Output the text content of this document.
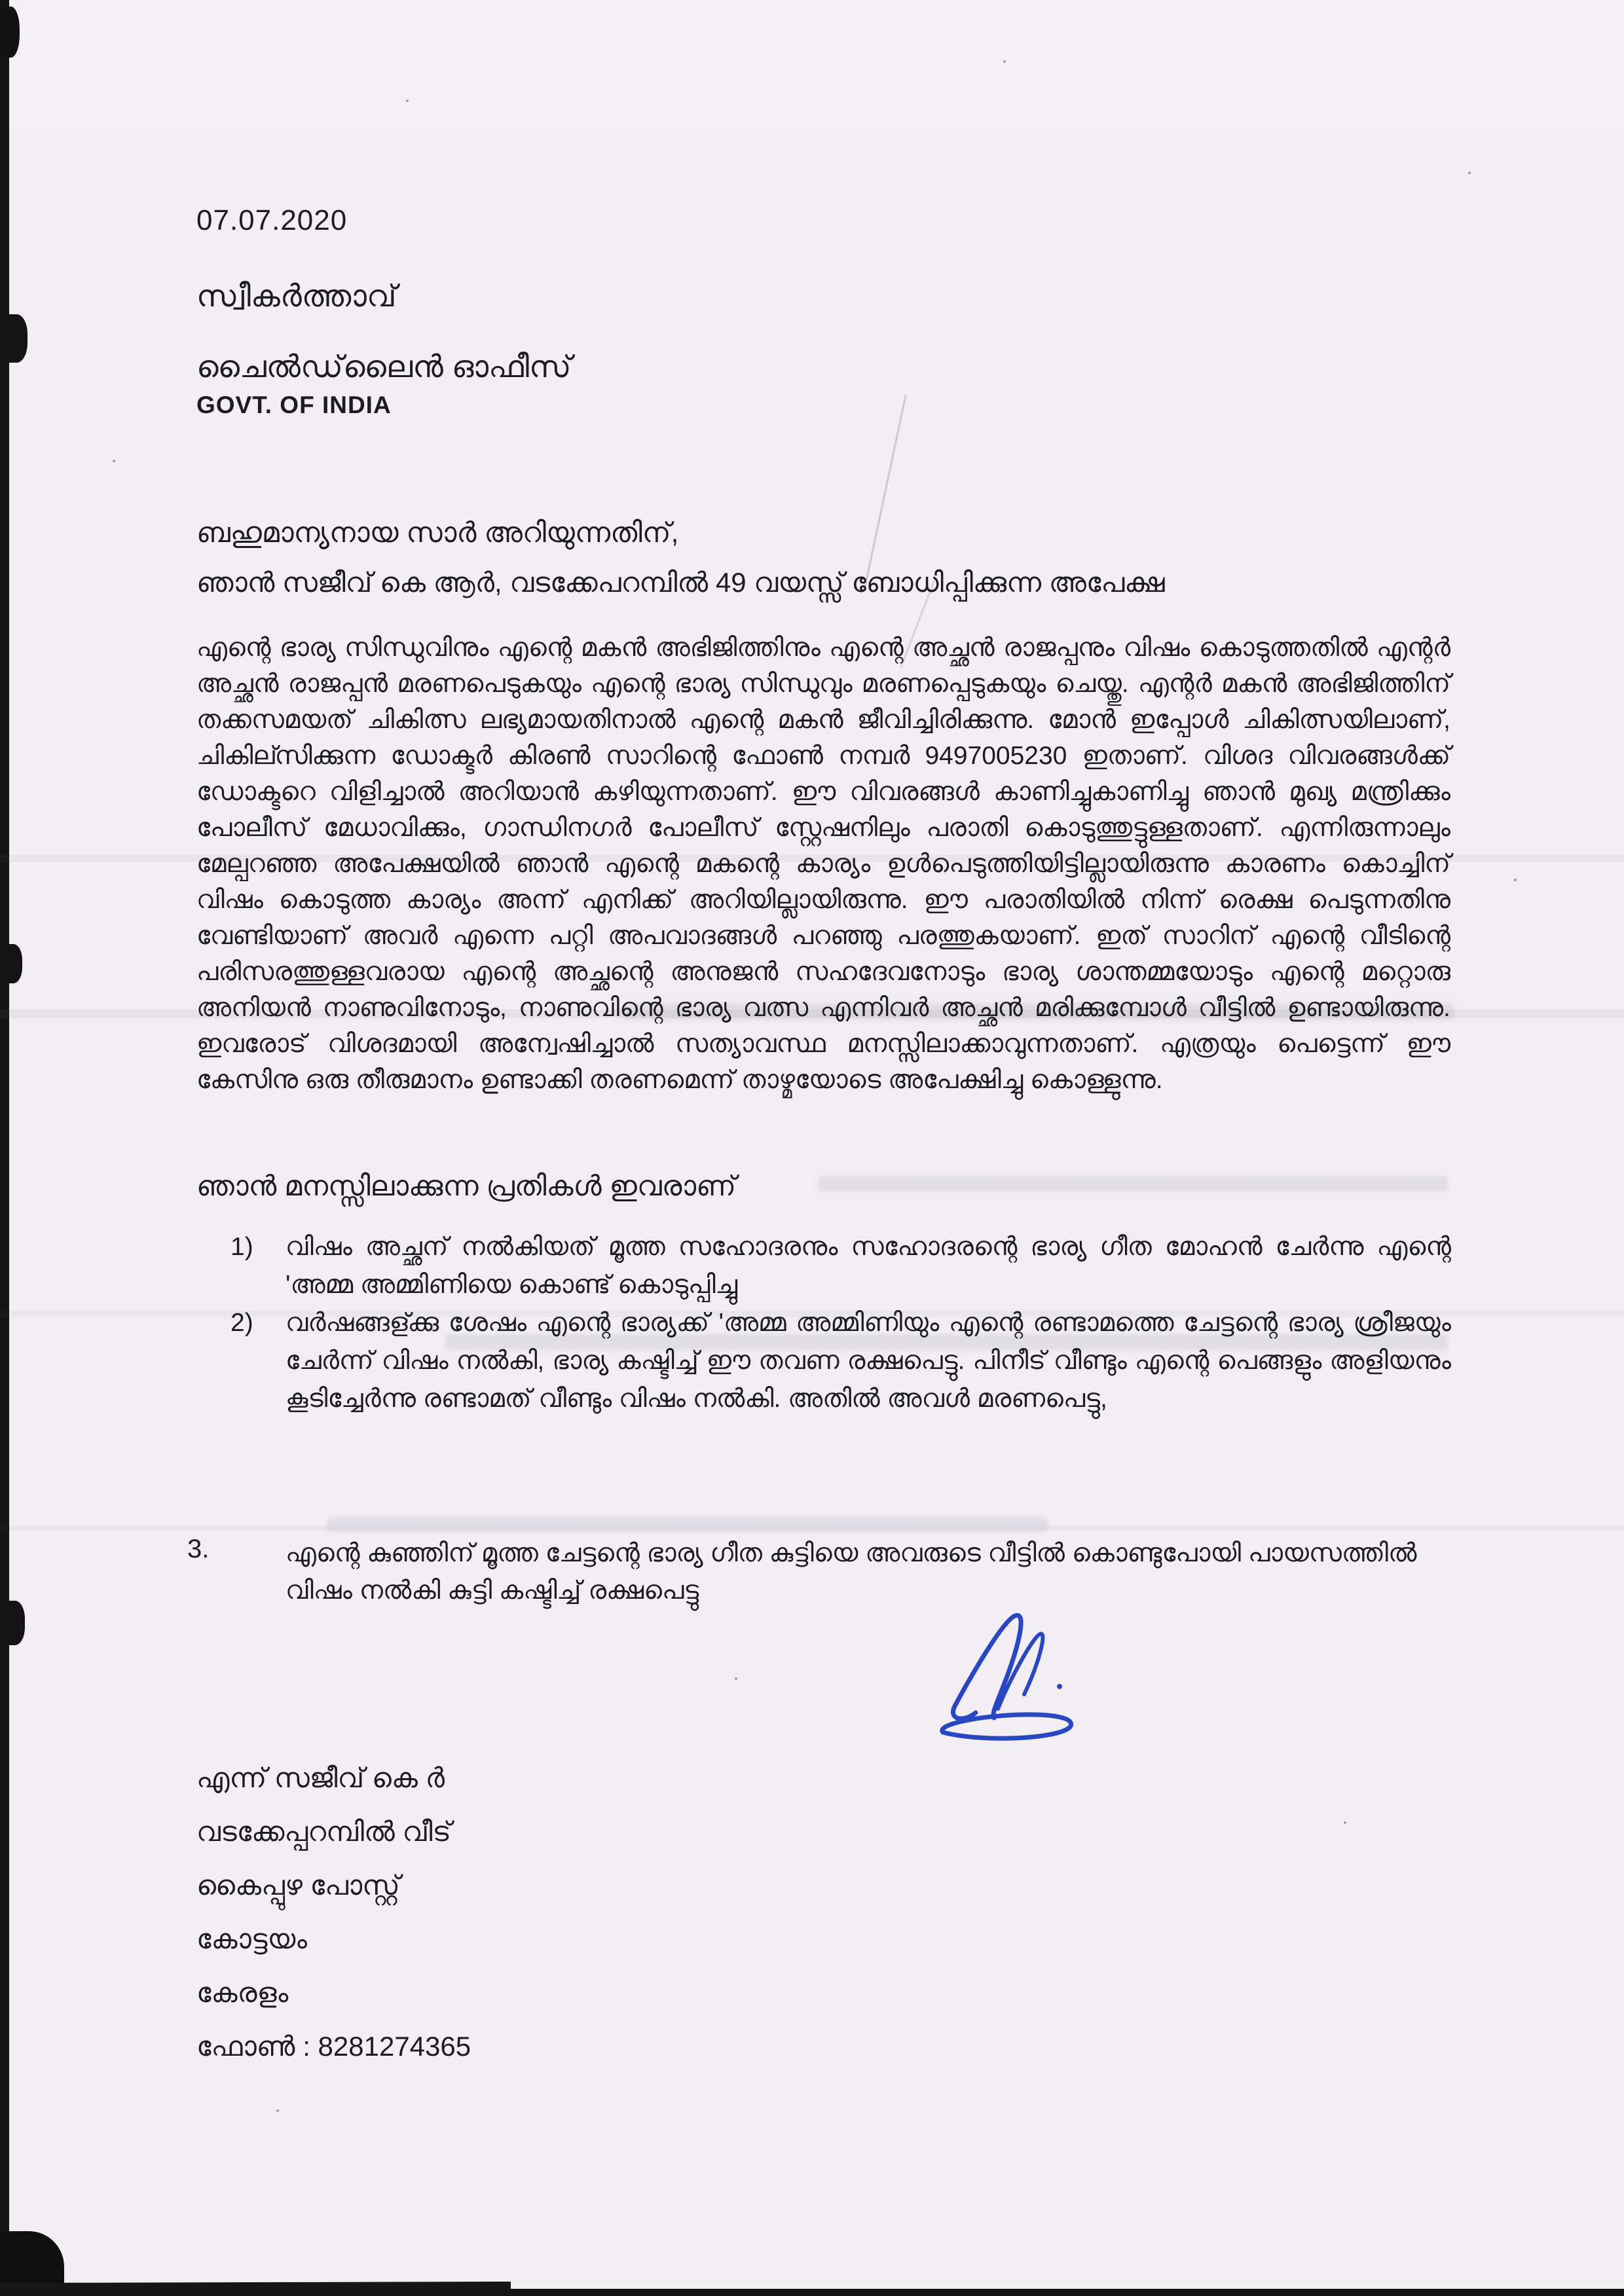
07.07.2020
സ്വീകർത്താവ്
ചൈൽഡ്‌ലൈൻ ഓഫീസ്
GOVT. OF INDIA
ബഹുമാന്യനായ സാർ അറിയുന്നതിന്,
ഞാൻ സജീവ് കെ ആർ, വടക്കേപറമ്പിൽ 49 വയസ്സ് ബോധിപ്പിക്കുന്ന അപേക്ഷ
എന്റെ ഭാര്യ സിന്ധുവിനും എന്റെ മകൻ അഭിജിത്തിനും എന്റെ അച്ഛൻ രാജപ്പനും വിഷം കൊടുത്തതിൽ എന്റർ അച്ഛൻ രാജപ്പൻ മരണപെടുകയും എന്റെ ഭാര്യ സിന്ധുവും മരണപ്പെടുകയും ചെയ്തു. എന്റർ മകൻ അഭിജിത്തിന് തക്കസമയത് ചികിത്സ ലഭ്യമായതിനാൽ എന്റെ മകൻ ജീവിച്ചിരിക്കുന്നു. മോൻ ഇപ്പോൾ ചികിത്സയിലാണ്, ചികില്സിക്കുന്ന ഡോക്ടർ കിരൺ സാറിന്റെ ഫോൺ നമ്പർ 9497005230 ഇതാണ്. വിശദ വിവരങ്ങൾക്ക് ഡോക്ടറെ വിളിച്ചാൽ അറിയാൻ കഴിയുന്നതാണ്. ഈ വിവരങ്ങൾ കാണിച്ചുകാണിച്ചു ഞാൻ മുഖ്യ മന്ത്രിക്കും പോലീസ് മേധാവിക്കും, ഗാന്ധിനഗർ പോലീസ് സ്റ്റേഷനിലും പരാതി കൊടുത്തുട്ടുള്ളതാണ്. എന്നിരുന്നാലും മേല്പറഞ്ഞ അപേക്ഷയിൽ ഞാൻ എന്റെ മകന്റെ കാര്യം ഉൾപെടുത്തിയിട്ടില്ലായിരുന്നു കാരണം കൊച്ചിന് വിഷം കൊടുത്ത കാര്യം അന്ന് എനിക്ക് അറിയില്ലായിരുന്നു. ഈ പരാതിയിൽ നിന്ന് രെക്ഷ പെടുന്നതിനു വേണ്ടിയാണ് അവർ എന്നെ പറ്റി അപവാദങ്ങൾ പറഞ്ഞു പരത്തുകയാണ്. ഇത് സാറിന് എന്റെ വീടിന്റെ പരിസരത്തുള്ളവരായ എന്റെ അച്ഛന്റെ അനുജൻ സഹദേവനോടും ഭാര്യ ശാന്തമ്മയോടും എന്റെ മറ്റൊരു അനിയൻ നാണുവിനോടും, നാണുവിന്റെ ഭാര്യ വത്സ എന്നിവർ അച്ഛൻ മരിക്കുമ്പോൾ വീട്ടിൽ ഉണ്ടായിരുന്നു. ഇവരോട് വിശദമായി അന്വേഷിച്ചാൽ സത്യാവസ്ഥ മനസ്സിലാക്കാവുന്നതാണ്. എത്രയും പെട്ടെന്ന് ഈ കേസിനു ഒരു തീരുമാനം ഉണ്ടാക്കി തരണമെന്ന് താഴ്മയോടെ അപേക്ഷിച്ചു കൊള്ളുന്നു.
ഞാൻ മനസ്സിലാക്കുന്ന പ്രതികൾ ഇവരാണ്
1)	വിഷം അച്ഛന് നൽകിയത് മൂത്ത സഹോദരനും സഹോദരന്റെ ഭാര്യ ഗീത മോഹൻ ചേർന്നു എന്റെ 'അമ്മ അമ്മിണിയെ കൊണ്ട് കൊടുപ്പിച്ചു
2)	വർഷങ്ങള്ക്കു ശേഷം എന്റെ ഭാര്യക്ക് 'അമ്മ അമ്മിണിയും എന്റെ രണ്ടാമത്തെ ചേട്ടന്റെ ഭാര്യ ശ്രീജയും ചേർന്ന് വിഷം നൽകി, ഭാര്യ കഷ്ടിച്ച് ഈ തവണ രക്ഷപെട്ടു. പിനീട് വീണ്ടും എന്റെ പെങ്ങളും അളിയനും കൂടിച്ചേർന്നു രണ്ടാമത് വീണ്ടും വിഷം നൽകി. അതിൽ അവൾ മരണപെട്ടു,
3.	എന്റെ കുഞ്ഞിന് മൂത്ത ചേട്ടന്റെ ഭാര്യ ഗീത കുട്ടിയെ അവരുടെ വീട്ടിൽ കൊണ്ടുപോയി പായസത്തിൽ വിഷം നൽകി കുട്ടി കഷ്ടിച്ച് രക്ഷപെട്ടു
എന്ന് സജീവ് കെ ർ
വടക്കേപ്പറമ്പിൽ വീട്
കൈപ്പുഴ പോസ്റ്റ്
കോട്ടയം
കേരളം
ഫോൺ : 8281274365
